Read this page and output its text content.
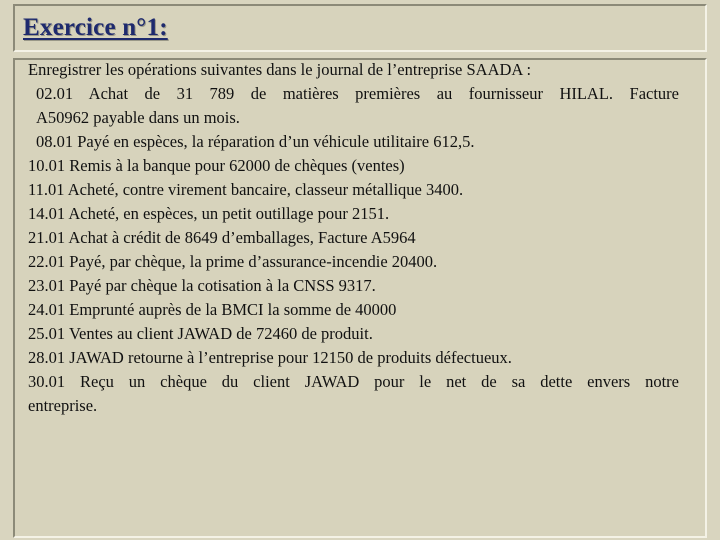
Exercice n°1:
Enregistrer les opérations suivantes dans le journal de l’entreprise SAADA :
02.01 Achat de 31 789 de matières premières au fournisseur HILAL. Facture
A50962 payable dans un mois.
08.01 Payé en espèces, la réparation d’un véhicule utilitaire 612,5.
10.01 Remis à la banque pour 62000 de chèques (ventes)
11.01 Acheté, contre virement bancaire, classeur métallique 3400.
14.01 Acheté, en espèces, un petit outillage pour 2151.
21.01 Achat à crédit de 8649 d’emballages, Facture A5964
22.01 Payé, par chèque, la prime d’assurance-incendie 20400.
23.01 Payé par chèque la cotisation à la CNSS 9317.
24.01 Emprunté auprès de la BMCI la somme de 40000
25.01 Ventes au client JAWAD de 72460 de produit.
28.01 JAWAD retourne à l’entreprise pour 12150 de produits défectueux.
30.01 Reçu un chèque du client JAWAD pour le net de sa dette envers notre
entreprise.
